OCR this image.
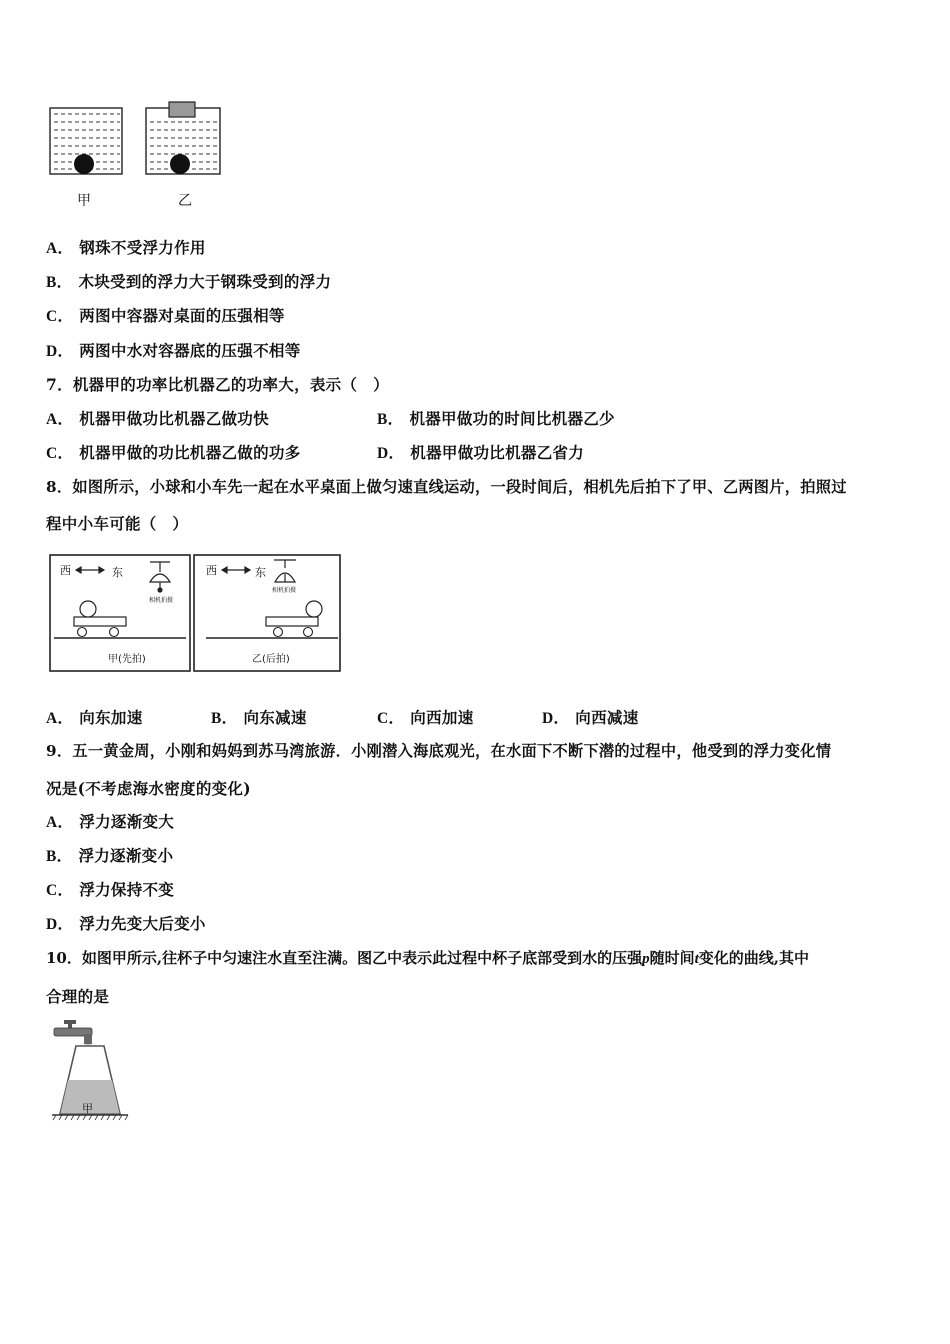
甲	乙
A． 钢珠不受浮力作用
B． 木块受到的浮力大于钢珠受到的浮力
C． 两图中容器对桌面的压强相等
D． 两图中水对容器底的压强不相等
7．机器甲的功率比机器乙的功率大，表示（　）
A． 机器甲做功比机器乙做功快	B． 机器甲做功的时间比机器乙少
C． 机器甲做的功比机器乙做的功多	D． 机器甲做功比机器乙省力
8．如图所示，小球和小车先一起在水平桌面上做匀速直线运动，一段时间后，相机先后拍下了甲、乙两图片，拍照过
程中小车可能（　）
西	东	西	东
相机拍摄
相机拍摄
甲(先拍)	乙(后拍)
A． 向东加速	B． 向东减速	C． 向西加速	D． 向西减速
9．五一黄金周，小刚和妈妈到苏马湾旅游．小刚潜入海底观光，在水面下不断下潜的过程中，他受到的浮力变化情
况是(不考虑海水密度的变化)
A． 浮力逐渐变大
B． 浮力逐渐变小
C． 浮力保持不变
D． 浮力先变大后变小
10．如图甲所示,往杯子中匀速注水直至注满。图乙中表示此过程中杯子底部受到水的压强p随时间t变化的曲线,其中
合理的是
甲
